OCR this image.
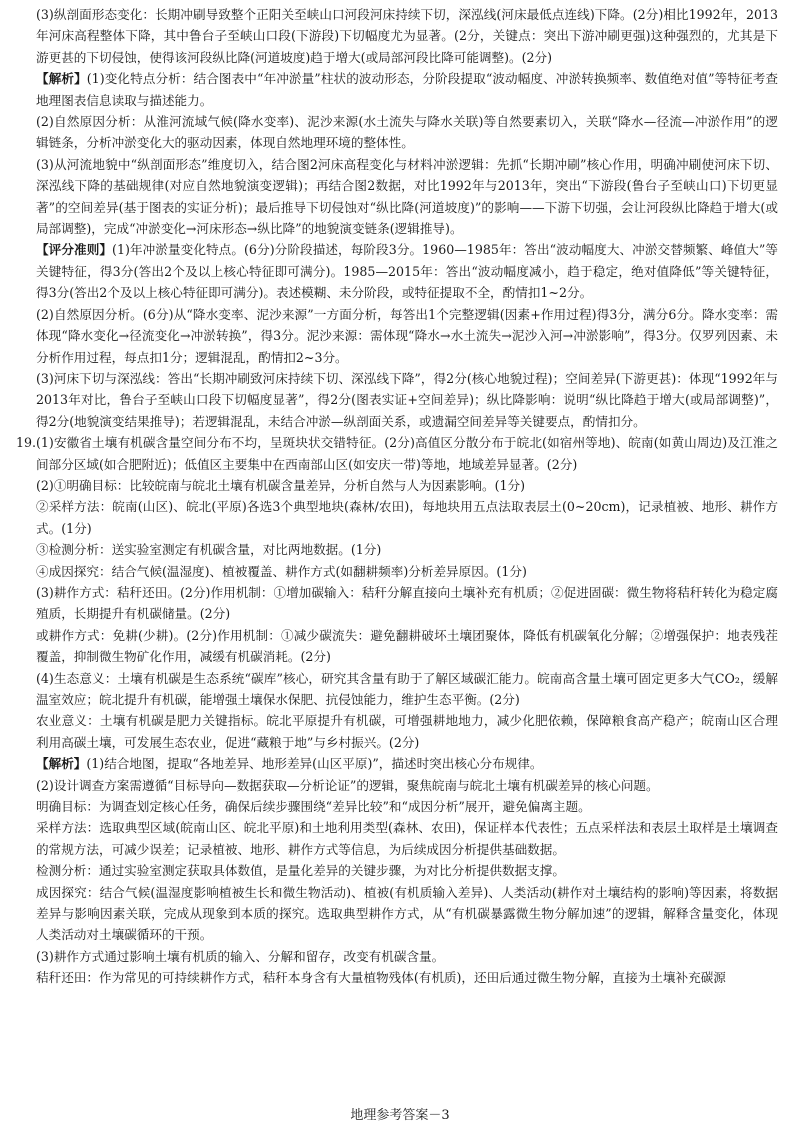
(3)纵剖面形态变化：长期冲刷导致整个正阳关至峡山口河段河床持续下切，深泓线(河床最低点连线)下降。(2分)相比1992年，2013年河床高程整体下降，其中鲁台子至峡山口段(下游段)下切幅度尤为显著。(2分，关键点：突出下游冲刷更强)这种强烈的，尤其是下游更甚的下切侵蚀，使得该河段纵比降(河道坡度)趋于增大(或局部河段比降可能调整)。(2分)

【解析】(1)变化特点分析：结合图表中“年冲淤量”柱状的波动形态，分阶段提取“波动幅度、冲淤转换频率、数值绝对值”等特征考查地理图表信息读取与描述能力。

(2)自然原因分析：从淮河流域气候(降水变率)、泥沙来源(水土流失与降水关联)等自然要素切入，关联“降水—径流—冲淤作用”的逻辑链条，分析冲淤变化大的驱动因素，体现自然地理环境的整体性。

(3)从河流地貌中“纵剖面形态”维度切入，结合图2河床高程变化与材料冲淤逻辑：先抓“长期冲刷”核心作用，明确冲刷使河床下切、深泓线下降的基础规律(对应自然地貌演变逻辑)；再结合图2数据，对比1992年与2013年，突出“下游段(鲁台子至峡山口)下切更显著”的空间差异(基于图表的实证分析)；最后推导下切侵蚀对“纵比降(河道坡度)”的影响——下游下切强，会让河段纵比降趋于增大(或局部调整)，完成“冲淤变化→河床形态→纵比降”的地貌演变链条(逻辑推导)。

【评分准则】(1)年冲淤量变化特点。(6分)分阶段描述，每阶段3分。1960—1985年：答出“波动幅度大、冲淤交替频繁、峰值大”等关键特征，得3分(答出2个及以上核心特征即可满分)。1985—2015年：答出“波动幅度减小，趋于稳定，绝对值降低”等关键特征，得3分(答出2个及以上核心特征即可满分)。表述模糊、未分阶段，或特征提取不全，酌情扣1~2分。

(2)自然原因分析。(6分)从“降水变率、泥沙来源”一方面分析，每答出1个完整逻辑(因素+作用过程)得3分，满分6分。降水变率：需体现“降水变化→径流变化→冲淤转换”，得3分。泥沙来源：需体现“降水→水土流失→泥沙入河→冲淤影响”，得3分。仅罗列因素、未分析作用过程，每点扣1分；逻辑混乱，酌情扣2~3分。

(3)河床下切与深泓线：答出“长期冲刷致河床持续下切、深泓线下降”，得2分(核心地貌过程)；空间差异(下游更甚)：体现“1992年与2013年对比，鲁台子至峡山口段下切幅度显著”，得2分(图表实证+空间差异)；纵比降影响：说明“纵比降趋于增大(或局部调整)”，得2分(地貌演变结果推导)；若逻辑混乱，未结合冲淤—纵剖面关系，或遗漏空间差异等关键要点，酌情扣分。

19. (1)安徽省土壤有机碳含量空间分布不均，呈斑块状交错特征。(2分)高值区分散分布于皖北(如宿州等地)、皖南(如黄山周边)及江淮之间部分区域(如合肥附近)；低值区主要集中在西南部山区(如安庆一带)等地，地域差异显著。(2分)

(2)①明确目标：比较皖南与皖北土壤有机碳含量差异，分析自然与人为因素影响。(1分)

②采样方法：皖南(山区)、皖北(平原)各选3个典型地块(森林/农田)，每地块用五点法取表层土(0~20cm)，记录植被、地形、耕作方式。(1分)

③检测分析：送实验室测定有机碳含量，对比两地数据。(1分)

④成因探究：结合气候(温湿度)、植被覆盖、耕作方式(如翻耕频率)分析差异原因。(1分)

(3)耕作方式：秸秆还田。(2分)作用机制：①增加碳输入：秸秆分解直接向土壤补充有机质；②促进固碳：微生物将秸秆转化为稳定腐殖质，长期提升有机碳储量。(2分)

或耕作方式：免耕(少耕)。(2分)作用机制：①减少碳流失：避免翻耕破坏土壤团聚体，降低有机碳氧化分解；②增强保护：地表残茬覆盖，抑制微生物矿化作用，减缓有机碳消耗。(2分)

(4)生态意义：土壤有机碳是生态系统“碳库”核心，研究其含量有助于了解区域碳汇能力。皖南高含量土壤可固定更多大气CO₂，缓解温室效应；皖北提升有机碳，能增强土壤保水保肥、抗侵蚀能力，维护生态平衡。(2分)

农业意义：土壤有机碳是肥力关键指标。皖北平原提升有机碳，可增强耕地地力，减少化肥依赖，保障粮食高产稳产；皖南山区合理利用高碳土壤，可发展生态农业，促进“藏粮于地”与乡村振兴。(2分)

【解析】(1)结合地图，提取“各地差异、地形差异(山区平原)”，描述时突出核心分布规律。

(2)设计调查方案需遵循“目标导向—数据获取—分析论证”的逻辑，聚焦皖南与皖北土壤有机碳差异的核心问题。

明确目标：为调查划定核心任务，确保后续步骤围绕“差异比较”和“成因分析”展开，避免偏离主题。

采样方法：选取典型区域(皖南山区、皖北平原)和土地利用类型(森林、农田)，保证样本代表性；五点采样法和表层土取样是土壤调查的常规方法，可减少误差；记录植被、地形、耕作方式等信息，为后续成因分析提供基础数据。

检测分析：通过实验室测定获取具体数值，是量化差异的关键步骤，为对比分析提供数据支撑。

成因探究：结合气候(温湿度影响植被生长和微生物活动)、植被(有机质输入差异)、人类活动(耕作对土壤结构的影响)等因素，将数据差异与影响因素关联，完成从现象到本质的探究。选取典型耕作方式，从“有机碳暴露微生物分解加速”的逻辑，解释含量变化，体现人类活动对土壤碳循环的干预。

(3)耕作方式通过影响土壤有机质的输入、分解和留存，改变有机碳含量。

秸秆还田：作为常见的可持续耕作方式，秸秆本身含有大量植物残体(有机质)，还田后通过微生物分解，直接为土壤补充碳源

地理参考答案－3
